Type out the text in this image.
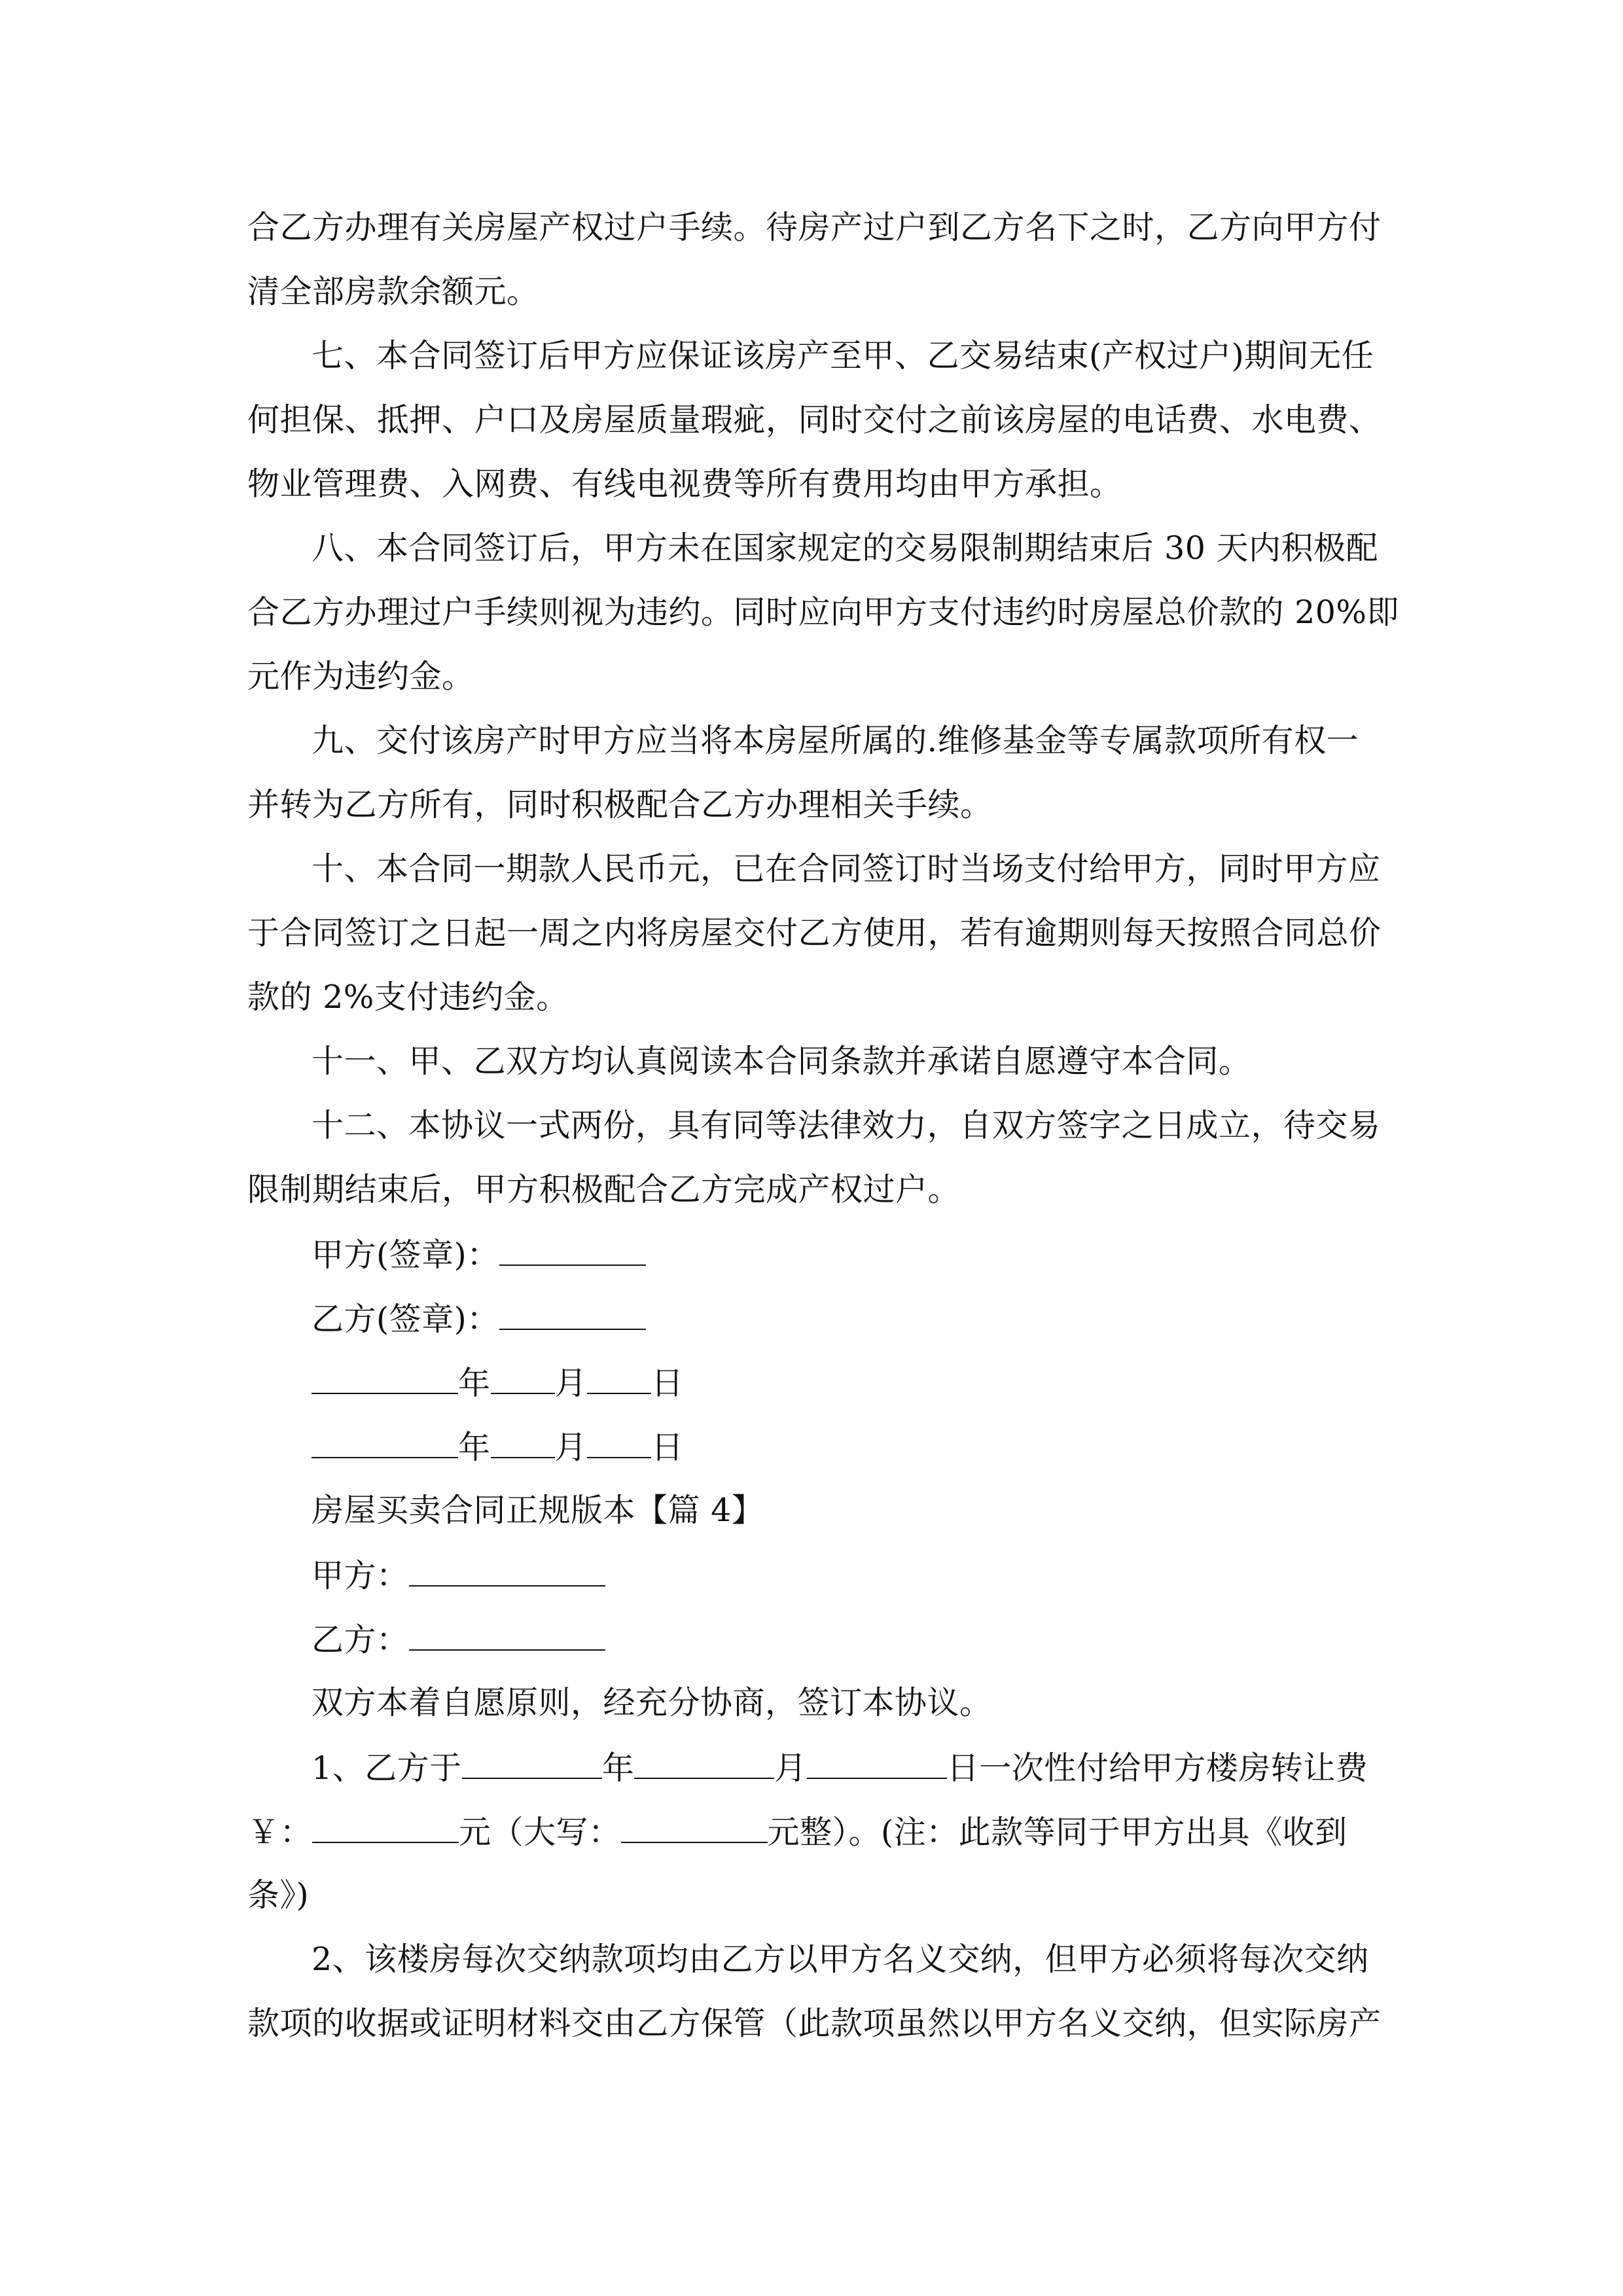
合乙方办理有关房屋产权过户手续。待房产过户到乙方名下之时，乙方向甲方付
清全部房款余额元。
七、本合同签订后甲方应保证该房产至甲、乙交易结束(产权过户)期间无任
何担保、抵押、户口及房屋质量瑕疵，同时交付之前该房屋的电话费、水电费、
物业管理费、入网费、有线电视费等所有费用均由甲方承担。
八、本合同签订后，甲方未在国家规定的交易限制期结束后 30 天内积极配
合乙方办理过户手续则视为违约。同时应向甲方支付违约时房屋总价款的 20%即
元作为违约金。
九、交付该房产时甲方应当将本房屋所属的.维修基金等专属款项所有权一
并转为乙方所有，同时积极配合乙方办理相关手续。
十、本合同一期款人民币元，已在合同签订时当场支付给甲方，同时甲方应
于合同签订之日起一周之内将房屋交付乙方使用，若有逾期则每天按照合同总价
款的 2%支付违约金。
十一、甲、乙双方均认真阅读本合同条款并承诺自愿遵守本合同。
十二、本协议一式两份，具有同等法律效力，自双方签字之日成立，待交易
限制期结束后，甲方积极配合乙方完成产权过户。
甲方(签章)：
乙方(签章)：
年 月 日
年 月 日
房屋买卖合同正规版本【篇 4】
甲方：
乙方：
双方本着自愿原则，经充分协商，签订本协议。
1、乙方于	年	月	日一次性付给甲方楼房转让费
￥：	元（大写：	元整）。(注：此款等同于甲方出具《收到
条》)
2、该楼房每次交纳款项均由乙方以甲方名义交纳，但甲方必须将每次交纳
款项的收据或证明材料交由乙方保管（此款项虽然以甲方名义交纳，但实际房产
